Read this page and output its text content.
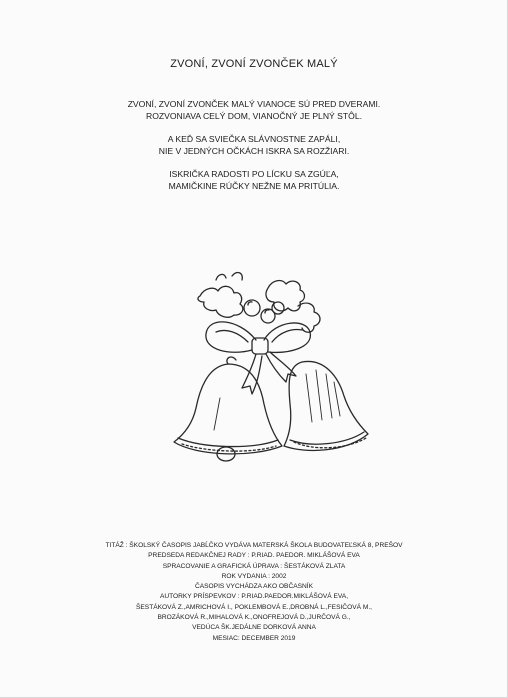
ZVONÍ, ZVONÍ ZVONČEK MALÝ
ZVONÍ, ZVONÍ ZVONČEK MALÝ VIANOCE SÚ PRED DVERAMI.
ROZVONIAVA CELÝ DOM, VIANOČNÝ JE PLNÝ STÔL.
A KEĎ SA SVIEČKA SLÁVNOSTNE ZAPÁLI,
NIE V JEDNÝCH OČKÁCH ISKRA SA ROZŽIARI.
ISKRIČKA RADOSTI PO LÍCKU SA ZGÚĽA,
MAMIČKINE RÚČKY NEŽNE MA PRITÚLIA.
TITÁŽ : ŠKOLSKÝ ČASOPIS JABĹČKO VYDÁVA MATERSKÁ ŠKOLA BUDOVATEĽSKÁ 8, PREŠOV
PREDSEDA REDAKČNEJ RADY : P.RIAD. PAEDOR. MIKLÁŠOVÁ EVA
SPRACOVANIE A GRAFICKÁ ÚPRAVA : ŠESTÁKOVÁ ZLATA
ROK VYDANIA : 2002
ČASOPIS VYCHÁDZA AKO OBČASNÍK
AUTORKY PRÍSPEVKOV : P.RIAD.PAEDOR.MIKLÁŠOVÁ EVA,
ŠESTÁKOVÁ Z.,AMRICHOVÁ I., POKLEMBOVÁ E.,DROBNÁ L.,FESIČOVÁ M.,
BROZÁKOVÁ R.,MIHALOVÁ K.,ONOFREJOVÁ D.,JURČOVÁ G.,
VEDÚCA ŠK.JEDÁLNE DORKOVÁ ANNA
MESIAC: DECEMBER 2019
